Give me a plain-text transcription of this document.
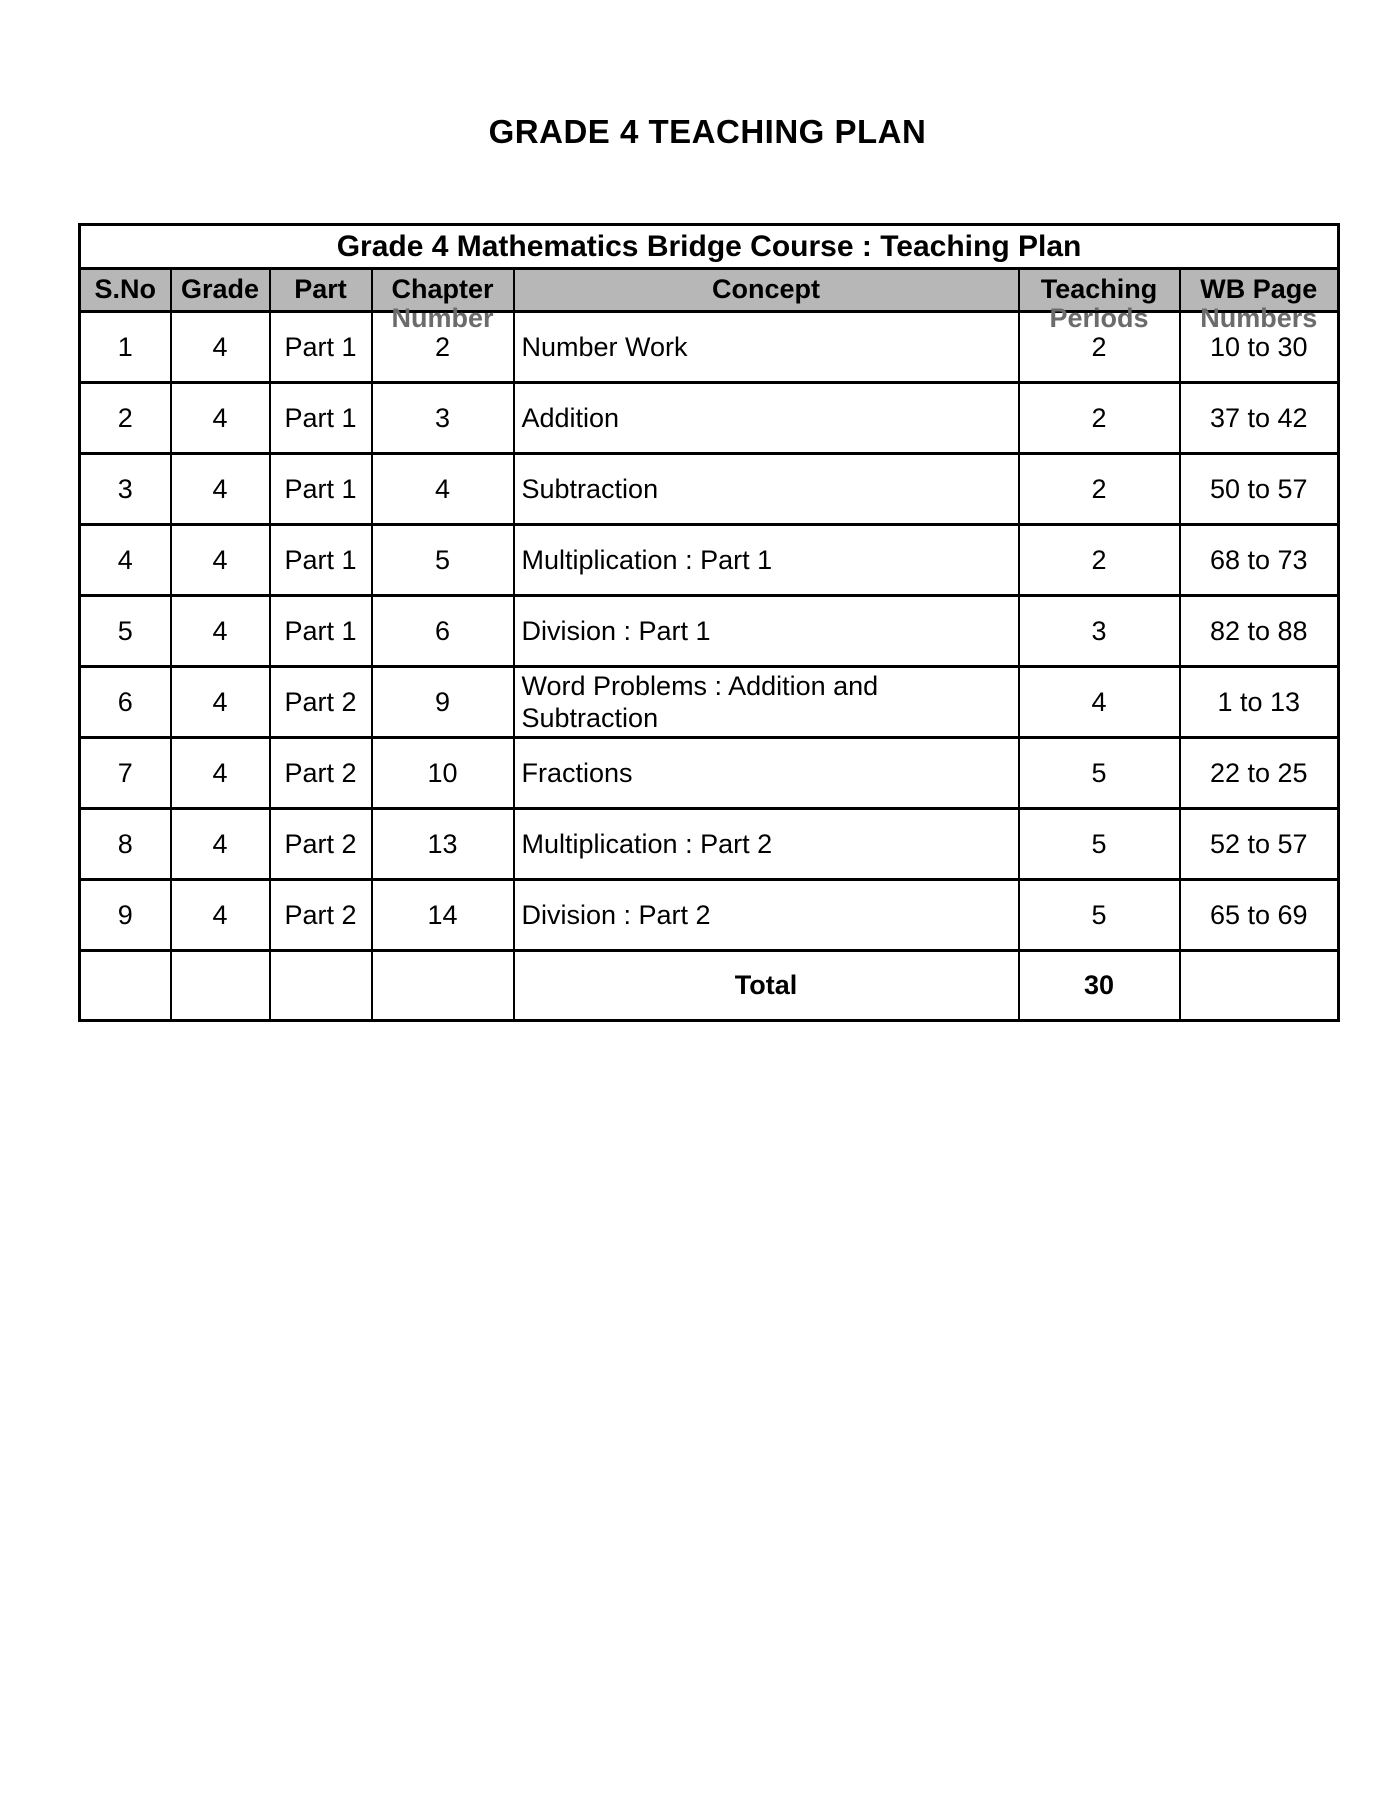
GRADE 4 TEACHING PLAN
Grade 4 Mathematics Bridge Course : Teaching Plan						

S.No	Grade	Part	Chapter	Concept	Teaching	WB Page

1	4	Part 1	2	Number Work	2	10 to 30
2	4	Part 1	3	Addition	2	37 to 42
3	4	Part 1	4	Subtraction	2	50 to 57
4	4	Part 1	5	Multiplication : Part 1	2	68 to 73
5	4	Part 1	6	Division : Part 1	3	82 to 88
6	4	Part 2	9	Word Problems : Addition and Subtraction	4	1 to 13
7	4	Part 2	10	Fractions	5	22 to 25
8	4	Part 2	13	Multiplication : Part 2	5	52 to 57
9	4	Part 2	14	Division : Part 2	5	65 to 69
				Total	30	
